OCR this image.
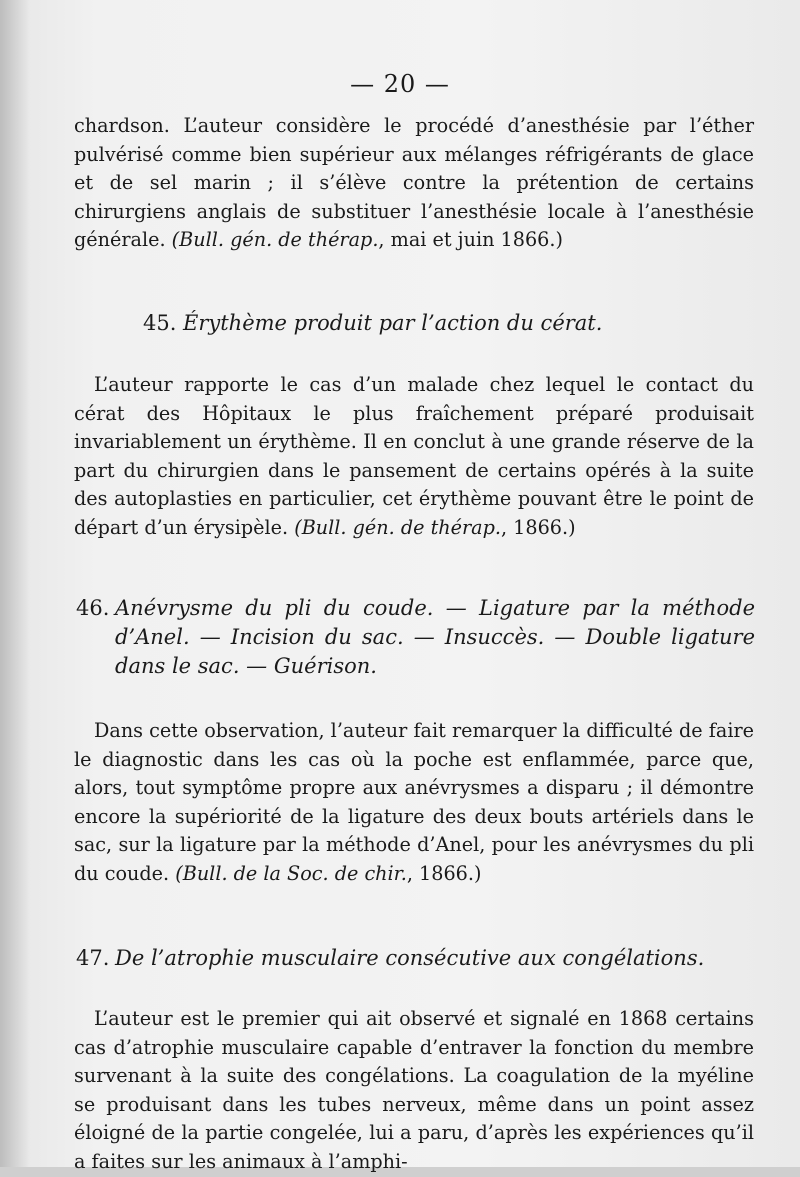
— 20 —

chardson. L’auteur considère le procédé d’anesthésie par l’éther pulvérisé comme bien supérieur aux mélanges réfrigérants de glace et de sel marin ; il s’élève contre la prétention de certains chirurgiens anglais de substituer l’anesthésie locale à l’anesthésie générale. (Bull. gén. de thérap., mai et juin 1866.)

45. Érythème produit par l’action du cérat.

L’auteur rapporte le cas d’un malade chez lequel le contact du cérat des Hôpitaux le plus fraîchement préparé produisait invariablement un érythème. Il en conclut à une grande réserve de la part du chirurgien dans le pansement de certains opérés à la suite des autoplasties en particulier, cet érythème pouvant être le point de départ d’un érysipèle. (Bull. gén. de thérap., 1866.)

46. Anévrysme du pli du coude. — Ligature par la méthode d’Anel. — Incision du sac. — Insuccès. — Double ligature dans le sac. — Guérison.

Dans cette observation, l’auteur fait remarquer la difficulté de faire le diagnostic dans les cas où la poche est enflammée, parce que, alors, tout symptôme propre aux anévrysmes a disparu ; il démontre encore la supériorité de la ligature des deux bouts artériels dans le sac, sur la ligature par la méthode d’Anel, pour les anévrysmes du pli du coude. (Bull. de la Soc. de chir., 1866.)

47. De l’atrophie musculaire consécutive aux congélations.

L’auteur est le premier qui ait observé et signalé en 1868 certains cas d’atrophie musculaire capable d’entraver la fonction du membre survenant à la suite des congélations. La coagulation de la myéline se produisant dans les tubes nerveux, même dans un point assez éloigné de la partie congelée, lui a paru, d’après les expériences qu’il a faites sur les animaux à l’amphi-
